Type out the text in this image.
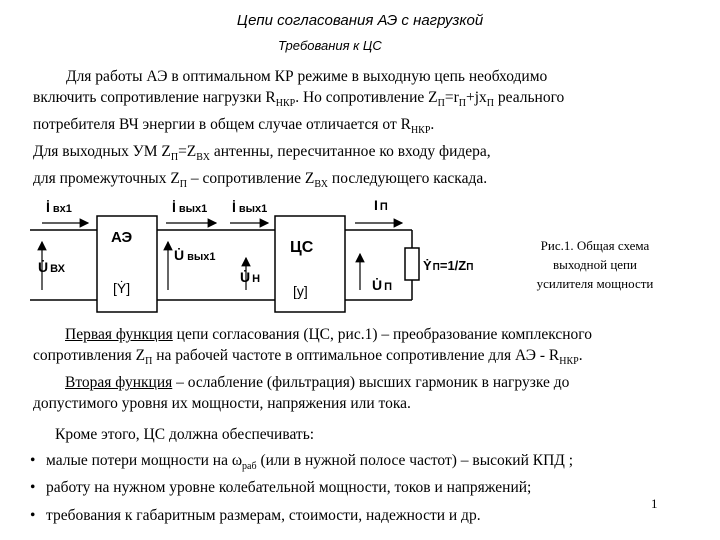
Цепи согласования АЭ с нагрузкой
Требования к ЦС
Для работы АЭ в оптимальном КР режиме в выходную цепь необходимо
включить сопротивление нагрузки $R_{НКР}$. Но сопротивление $Z_П=r_П+jx_П$ реального
потребителя ВЧ энергии в общем случае отличается от $R_{НКР}$.
Для выходных УМ $Z_П=Z_{ВХ}$ антенны, пересчитанное ко входу фидера,
для промежуточных $Z_П$ – сопротивление $Z_{ВХ}$ последующего каскада.
İ вх1	İ вых1 İ вых1	I П
U̇ ВХ
АЭ
[Ẏ]
U̇ вых1
U̇ Н
ЦС
[у]	U̇ П
ẎП=1/ZП
Рис.1. Общая схема
выходной цепи
усилителя мощности
Первая функция цепи согласования (ЦС, рис.1) – преобразование комплексного
сопротивления $Z_П$ на рабочей частоте в оптимальное сопротивление для АЭ - $R_{НКР}$.
Вторая функция – ослабление (фильтрация) высших гармоник в нагрузке до
допустимого уровня их мощности, напряжения или тока.
Кроме этого, ЦС должна обеспечивать:
• малые потери мощности на $\omega_{раб}$ (или в нужной полосе частот) – высокий КПД ;
• работу на нужном уровне колебательной мощности, токов и напряжений;
• требования к габаритным размерам, стоимости, надежности и др.
1
